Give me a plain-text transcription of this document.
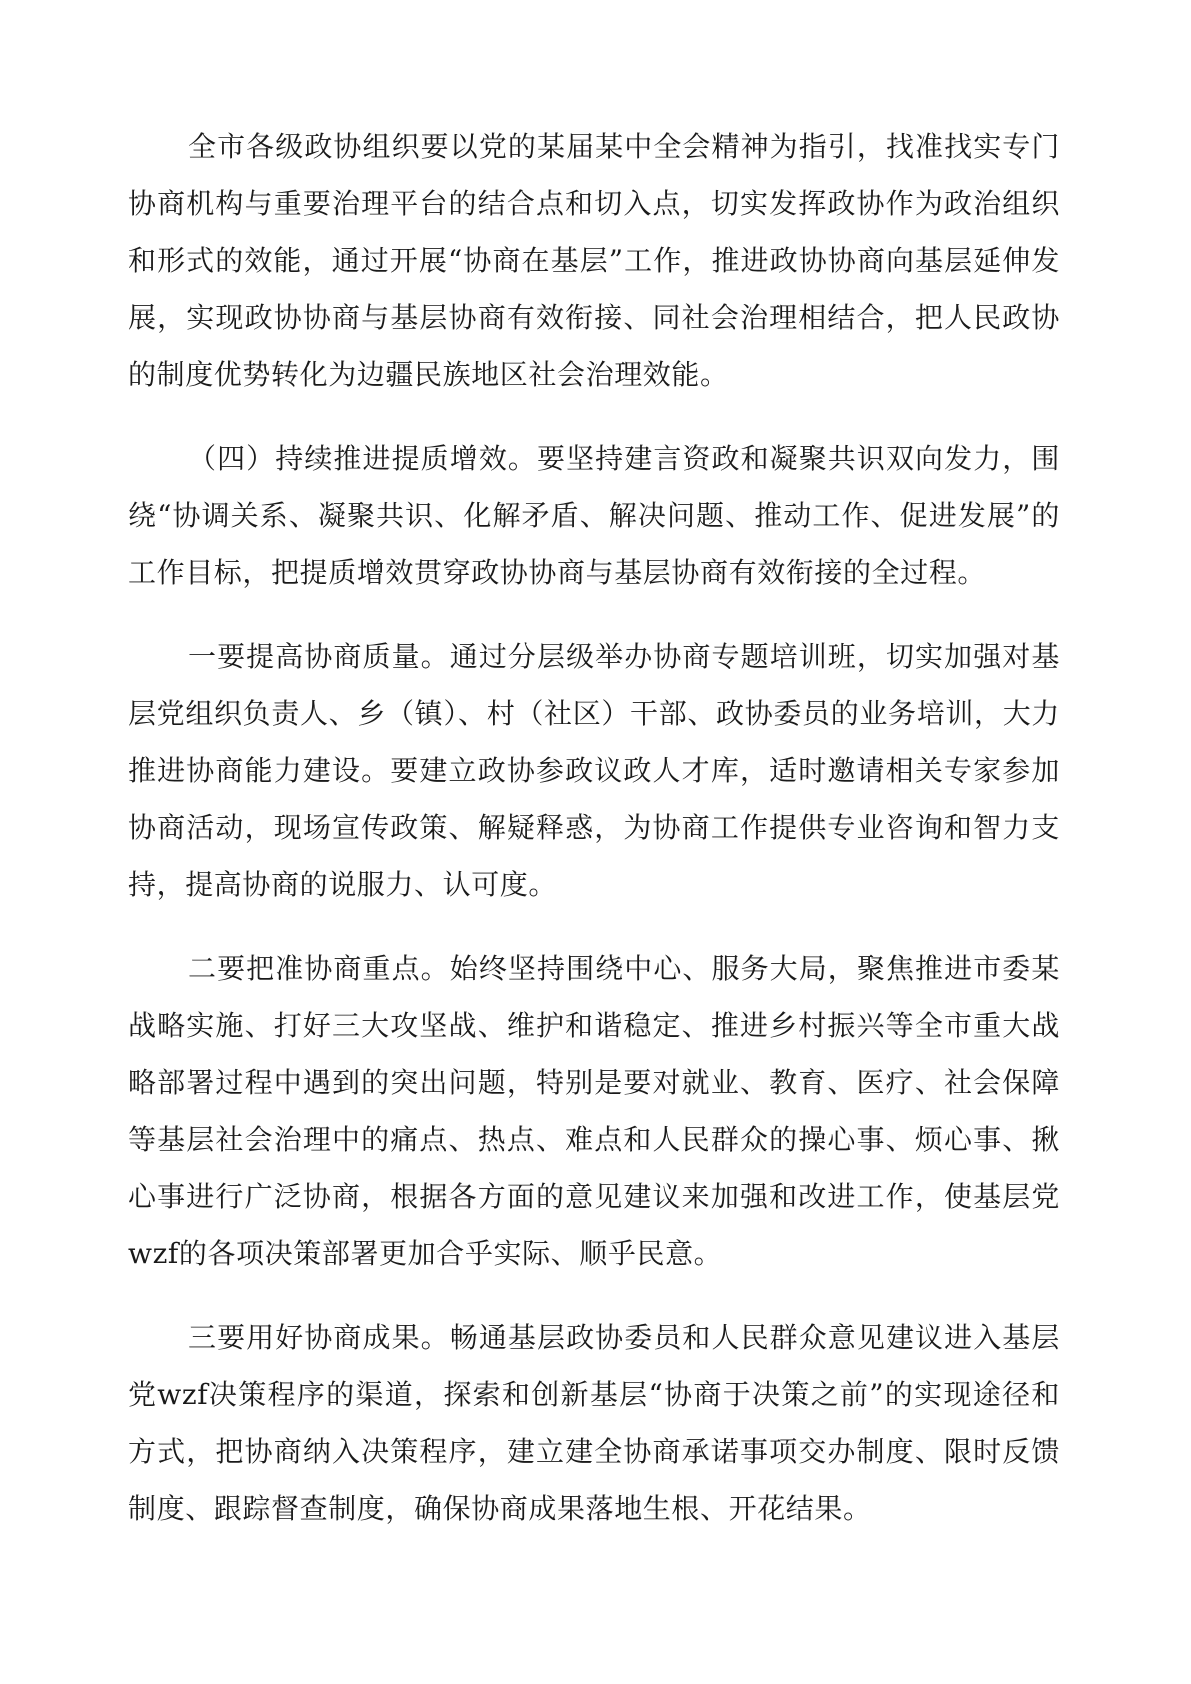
全市各级政协组织要以党的某届某中全会精神为指引，找准找实专门协商机构与重要治理平台的结合点和切入点，切实发挥政协作为政治组织和形式的效能，通过开展“协商在基层”工作，推进政协协商向基层延伸发展，实现政协协商与基层协商有效衔接、同社会治理相结合，把人民政协的制度优势转化为边疆民族地区社会治理效能。

（四）持续推进提质增效。要坚持建言资政和凝聚共识双向发力，围绕“协调关系、凝聚共识、化解矛盾、解决问题、推动工作、促进发展”的工作目标，把提质增效贯穿政协协商与基层协商有效衔接的全过程。

一要提高协商质量。通过分层级举办协商专题培训班，切实加强对基层党组织负责人、乡（镇）、村（社区）干部、政协委员的业务培训，大力推进协商能力建设。要建立政协参政议政人才库，适时邀请相关专家参加协商活动，现场宣传政策、解疑释惑，为协商工作提供专业咨询和智力支持，提高协商的说服力、认可度。

二要把准协商重点。始终坚持围绕中心、服务大局，聚焦推进市委某战略实施、打好三大攻坚战、维护和谐稳定、推进乡村振兴等全市重大战略部署过程中遇到的突出问题，特别是要对就业、教育、医疗、社会保障等基层社会治理中的痛点、热点、难点和人民群众的操心事、烦心事、揪心事进行广泛协商，根据各方面的意见建议来加强和改进工作，使基层党wzf的各项决策部署更加合乎实际、顺乎民意。

三要用好协商成果。畅通基层政协委员和人民群众意见建议进入基层党wzf决策程序的渠道，探索和创新基层“协商于决策之前”的实现途径和方式，把协商纳入决策程序，建立建全协商承诺事项交办制度、限时反馈制度、跟踪督查制度，确保协商成果落地生根、开花结果。
